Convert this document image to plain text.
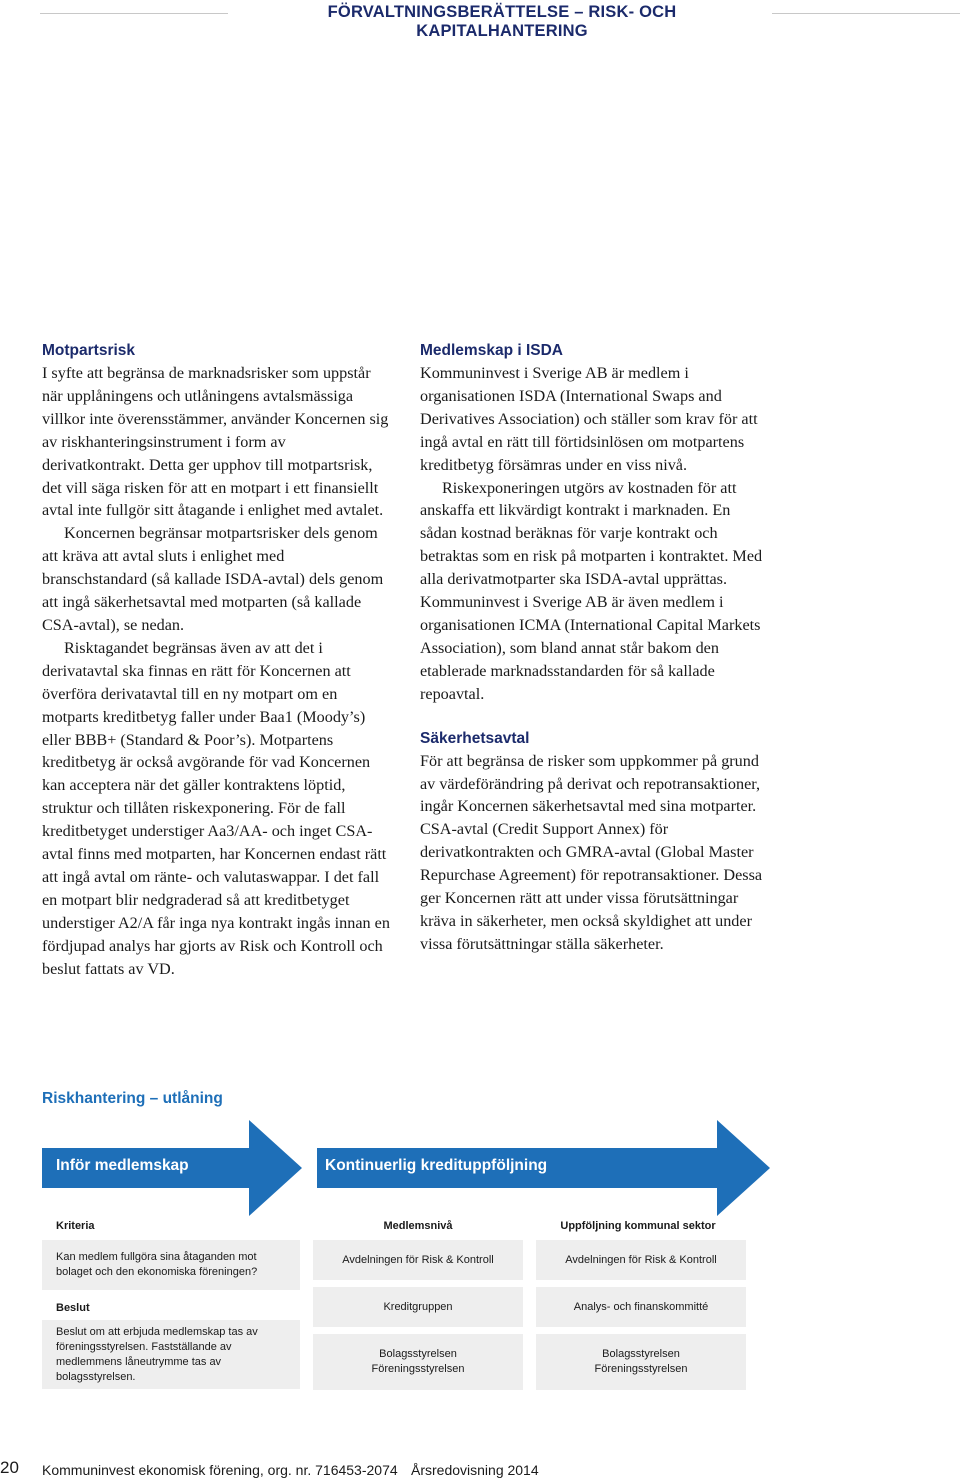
FÖRVALTNINGSBERÄTTELSE – RISK- OCH KAPITALHANTERING
Motpartsrisk

I syfte att begränsa de marknadsrisker som uppstår när upplåningens och utlåningens avtalsmässiga villkor inte överensstämmer, använder Koncernen sig av riskhanteringsinstrument i form av derivatkontrakt. Detta ger upphov till motpartsrisk, det vill säga risken för att en motpart i ett finansiellt avtal inte fullgör sitt åtagande i enlighet med avtalet.

Koncernen begränsar motpartsrisker dels genom att kräva att avtal sluts i enlighet med branschstandard (så kallade ISDA-avtal) dels genom att ingå säkerhetsavtal med motparten (så kallade CSA-avtal), se nedan.

Risktagandet begränsas även av att det i derivatavtal ska finnas en rätt för Koncernen att överföra derivatavtal till en ny motpart om en motparts kreditbetyg faller under Baa1 (Moody’s) eller BBB+ (Standard & Poor’s). Motpartens kreditbetyg är också avgörande för vad Koncernen kan acceptera när det gäller kontraktens löptid, struktur och tillåten riskexponering. För de fall kreditbetyget understiger Aa3/AA- och inget CSA-avtal finns med motparten, har Koncernen endast rätt att ingå avtal om ränte- och valutaswappar. I det fall en motpart blir nedgraderad så att kreditbetyget understiger A2/A får inga nya kontrakt ingås innan en fördjupad analys har gjorts av Risk och Kontroll och beslut fattats av VD.

Medlemskap i ISDA

Kommuninvest i Sverige AB är medlem i organisationen ISDA (International Swaps and Derivatives Association) och ställer som krav för att ingå avtal en rätt till förtidsinlösen om motpartens kreditbetyg försämras under en viss nivå.

Riskexponeringen utgörs av kostnaden för att anskaffa ett likvärdigt kontrakt i marknaden. En sådan kostnad beräknas för varje kontrakt och betraktas som en risk på motparten i kontraktet. Med alla derivatmotparter ska ISDA-avtal upprättas. Kommuninvest i Sverige AB är även medlem i organisationen ICMA (International Capital Markets Association), som bland annat står bakom den etablerade marknadsstandarden för så kallade repoavtal.

Säkerhetsavtal

För att begränsa de risker som uppkommer på grund av värdeförändring på derivat och repotransaktioner, ingår Koncernen säkerhetsavtal med sina motparter. CSA-avtal (Credit Support Annex) för derivatkontrakten och GMRA-avtal (Global Master Repurchase Agreement) för repotransaktioner. Dessa ger Koncernen rätt att under vissa förutsättningar kräva in säkerheter, men också skyldighet att under vissa förutsättningar ställa säkerheter.

Riskhantering – utlåning
Inför medlemskap	Kontinuerlig kredituppföljning
Kriteria	Medlemsnivå	Uppföljning kommunal sektor
Kan medlem fullgöra sina åtaganden mot bolaget och den ekonomiska föreningen?
Avdelningen för Risk & Kontroll	Avdelningen för Risk & Kontroll
Beslut	Kreditgruppen	Analys- och finanskommitté
Beslut om att erbjuda medlemskap tas av föreningsstyrelsen. Fastställande av medlemmens låneutrymme tas av bolagsstyrelsen.
Bolagsstyrelsen
Föreningsstyrelsen
Bolagsstyrelsen
Föreningsstyrelsen
20 Kommuninvest ekonomisk förening, org. nr. 716453-2074 Årsredovisning 2014
